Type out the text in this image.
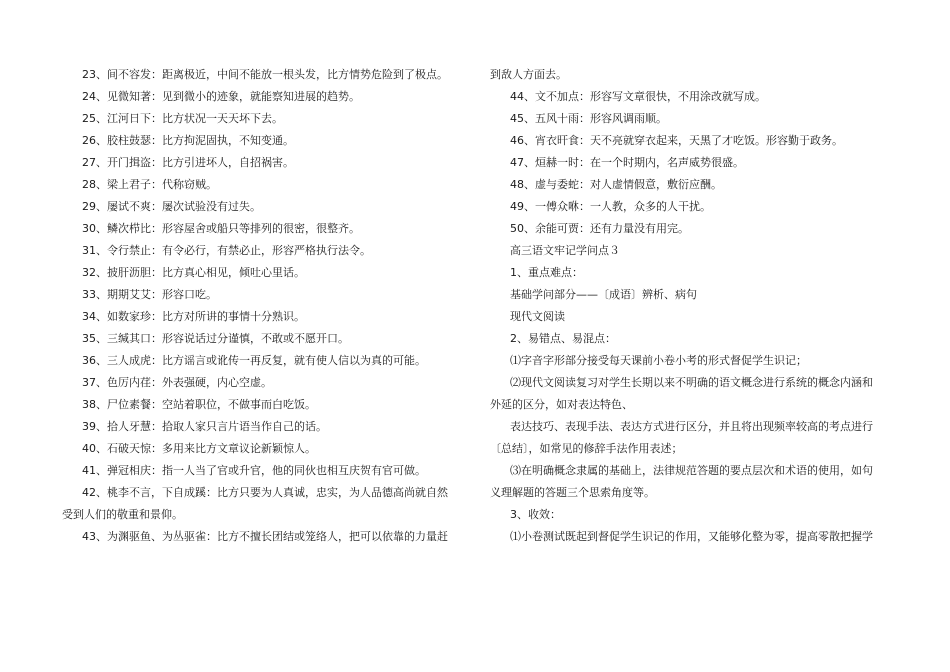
23、间不容发：距离极近，中间不能放一根头发，比方情势危险到了极点。
24、见微知著：见到微小的迹象，就能察知进展的趋势。
25、江河日下：比方状况一天天坏下去。
26、胶柱鼓瑟：比方拘泥固执，不知变通。
27、开门揖盗：比方引进坏人，自招祸害。
28、梁上君子：代称窃贼。
29、屡试不爽：屡次试验没有过失。
30、鳞次栉比：形容屋舍或船只等排列的很密，很整齐。
31、令行禁止：有令必行，有禁必止，形容严格执行法令。
32、披肝沥胆：比方真心相见，倾吐心里话。
33、期期艾艾：形容口吃。
34、如数家珍：比方对所讲的事情十分熟识。
35、三缄其口：形容说话过分谨慎，不敢或不愿开口。
36、三人成虎：比方谣言或讹传一再反复，就有使人信以为真的可能。
37、色厉内荏：外表强硬，内心空虚。
38、尸位素餐：空站着职位，不做事而白吃饭。
39、拾人牙慧：拾取人家只言片语当作自己的话。
40、石破天惊：多用来比方文章议论新颖惊人。
41、弹冠相庆：指一人当了官或升官，他的同伙也相互庆贺有官可做。
42、桃李不言，下自成蹊：比方只要为人真诚，忠实，为人品德高尚就自然
受到人们的敬重和景仰。
43、为渊驱鱼、为丛驱雀：比方不擅长团结或笼络人，把可以依靠的力量赶
到敌人方面去。
44、文不加点：形容写文章很快，不用涂改就写成。
45、五风十雨：形容风调雨顺。
46、宵衣旰食：天不亮就穿衣起来，天黑了才吃饭。形容勤于政务。
47、烜赫一时：在一个时期内，名声威势很盛。
48、虚与委蛇：对人虚情假意，敷衍应酬。
49、一傅众咻：一人教，众多的人干扰。
50、余能可贾：还有力量没有用完。
高三语文牢记学问点３
1、重点难点：
基础学问部分——〔成语〕辨析、病句
现代文阅读
2、易错点、易混点：
⑴字音字形部分接受每天课前小卷小考的形式督促学生识记；
⑵现代文阅读复习对学生长期以来不明确的语文概念进行系统的概念内涵和
外延的区分，如对表达特色、
表达技巧、表现手法、表达方式进行区分，并且将出现频率较高的考点进行
〔总结〕，如常见的修辞手法作用表述；
⑶在明确概念隶属的基础上，法律规范答题的要点层次和术语的使用，如句
义理解题的答题三个思索角度等。
3、收效：
⑴小卷测试既起到督促学生识记的作用，又能够化整为零，提高零散把握学
